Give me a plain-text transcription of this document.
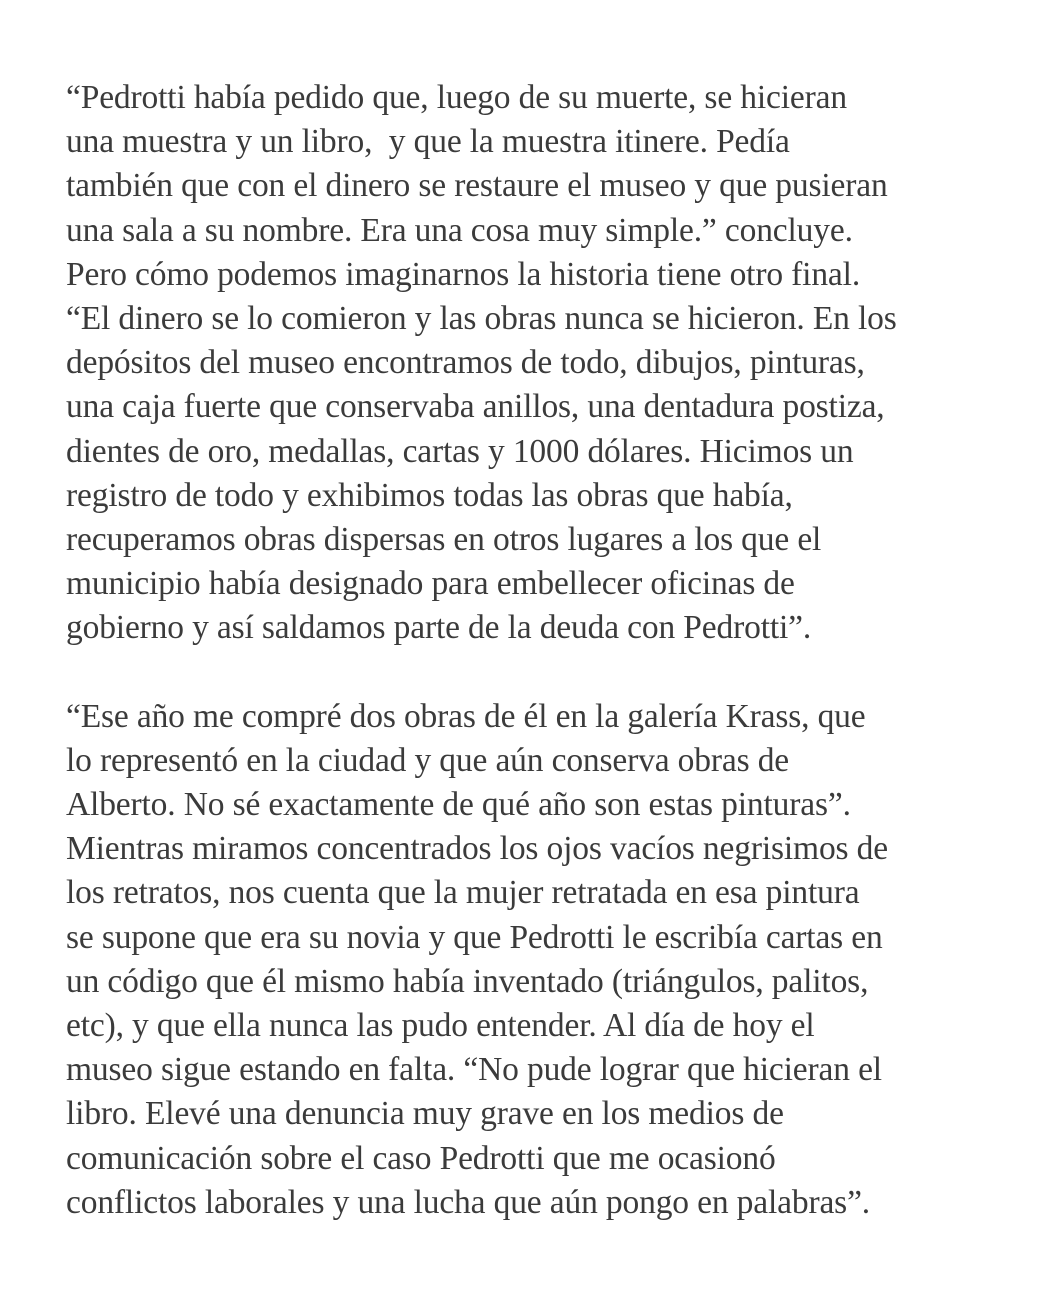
“Pedrotti había pedido que, luego de su muerte, se hicieran
una muestra y un libro,  y que la muestra itinere. Pedía
también que con el dinero se restaure el museo y que pusieran
una sala a su nombre. Era una cosa muy simple.” concluye.
Pero cómo podemos imaginarnos la historia tiene otro final.
“El dinero se lo comieron y las obras nunca se hicieron. En los
depósitos del museo encontramos de todo, dibujos, pinturas,
una caja fuerte que conservaba anillos, una dentadura postiza,
dientes de oro, medallas, cartas y 1000 dólares. Hicimos un
registro de todo y exhibimos todas las obras que había,
recuperamos obras dispersas en otros lugares a los que el
municipio había designado para embellecer oficinas de
gobierno y así saldamos parte de la deuda con Pedrotti”.

“Ese año me compré dos obras de él en la galería Krass, que
lo representó en la ciudad y que aún conserva obras de
Alberto. No sé exactamente de qué año son estas pinturas”.
Mientras miramos concentrados los ojos vacíos negrisimos de
los retratos, nos cuenta que la mujer retratada en esa pintura
se supone que era su novia y que Pedrotti le escribía cartas en
un código que él mismo había inventado (triángulos, palitos,
etc), y que ella nunca las pudo entender. Al día de hoy el
museo sigue estando en falta. “No pude lograr que hicieran el
libro. Elevé una denuncia muy grave en los medios de
comunicación sobre el caso Pedrotti que me ocasionó
conflictos laborales y una lucha que aún pongo en palabras”.
